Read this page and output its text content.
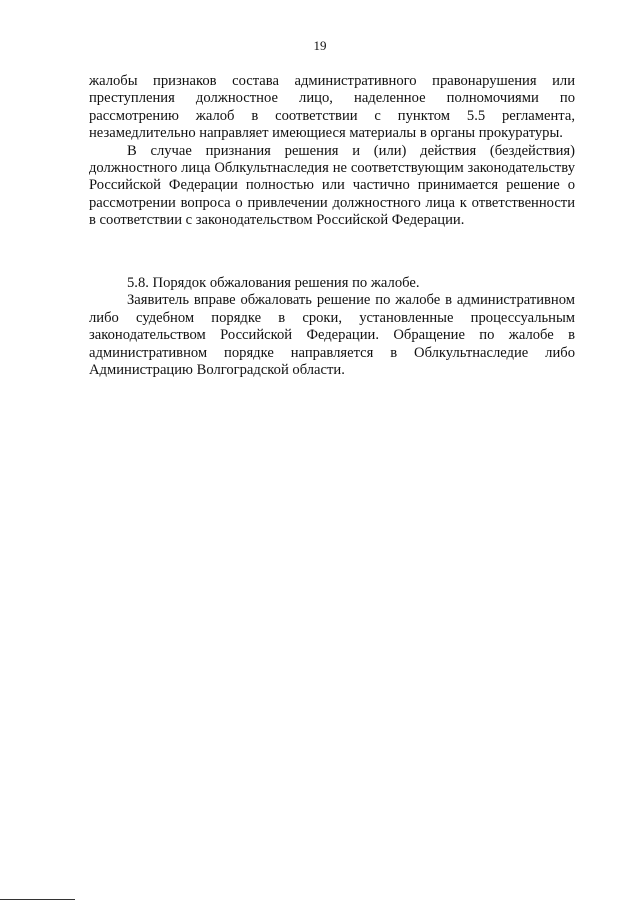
19

жалобы признаков состава административного правонарушения или преступления должностное лицо, наделенное полномочиями по рассмотрению жалоб в соответствии с пунктом 5.5 регламента, незамедлительно направляет имеющиеся материалы в органы прокуратуры.

В случае признания решения и (или) действия (бездействия) должностного лица Облкультнаследия не соответствующим законодательству Российской Федерации полностью или частично принимается решение о рассмотрении вопроса о привлечении должностного лица к ответственности в соответствии с законодательством Российской Федерации.

5.8. Порядок обжалования решения по жалобе.

Заявитель вправе обжаловать решение по жалобе в административном либо судебном порядке в сроки, установленные процессуальным законодательством Российской Федерации. Обращение по жалобе в административном порядке направляется в Облкультнаследие либо Администрацию Волгоградской области.
